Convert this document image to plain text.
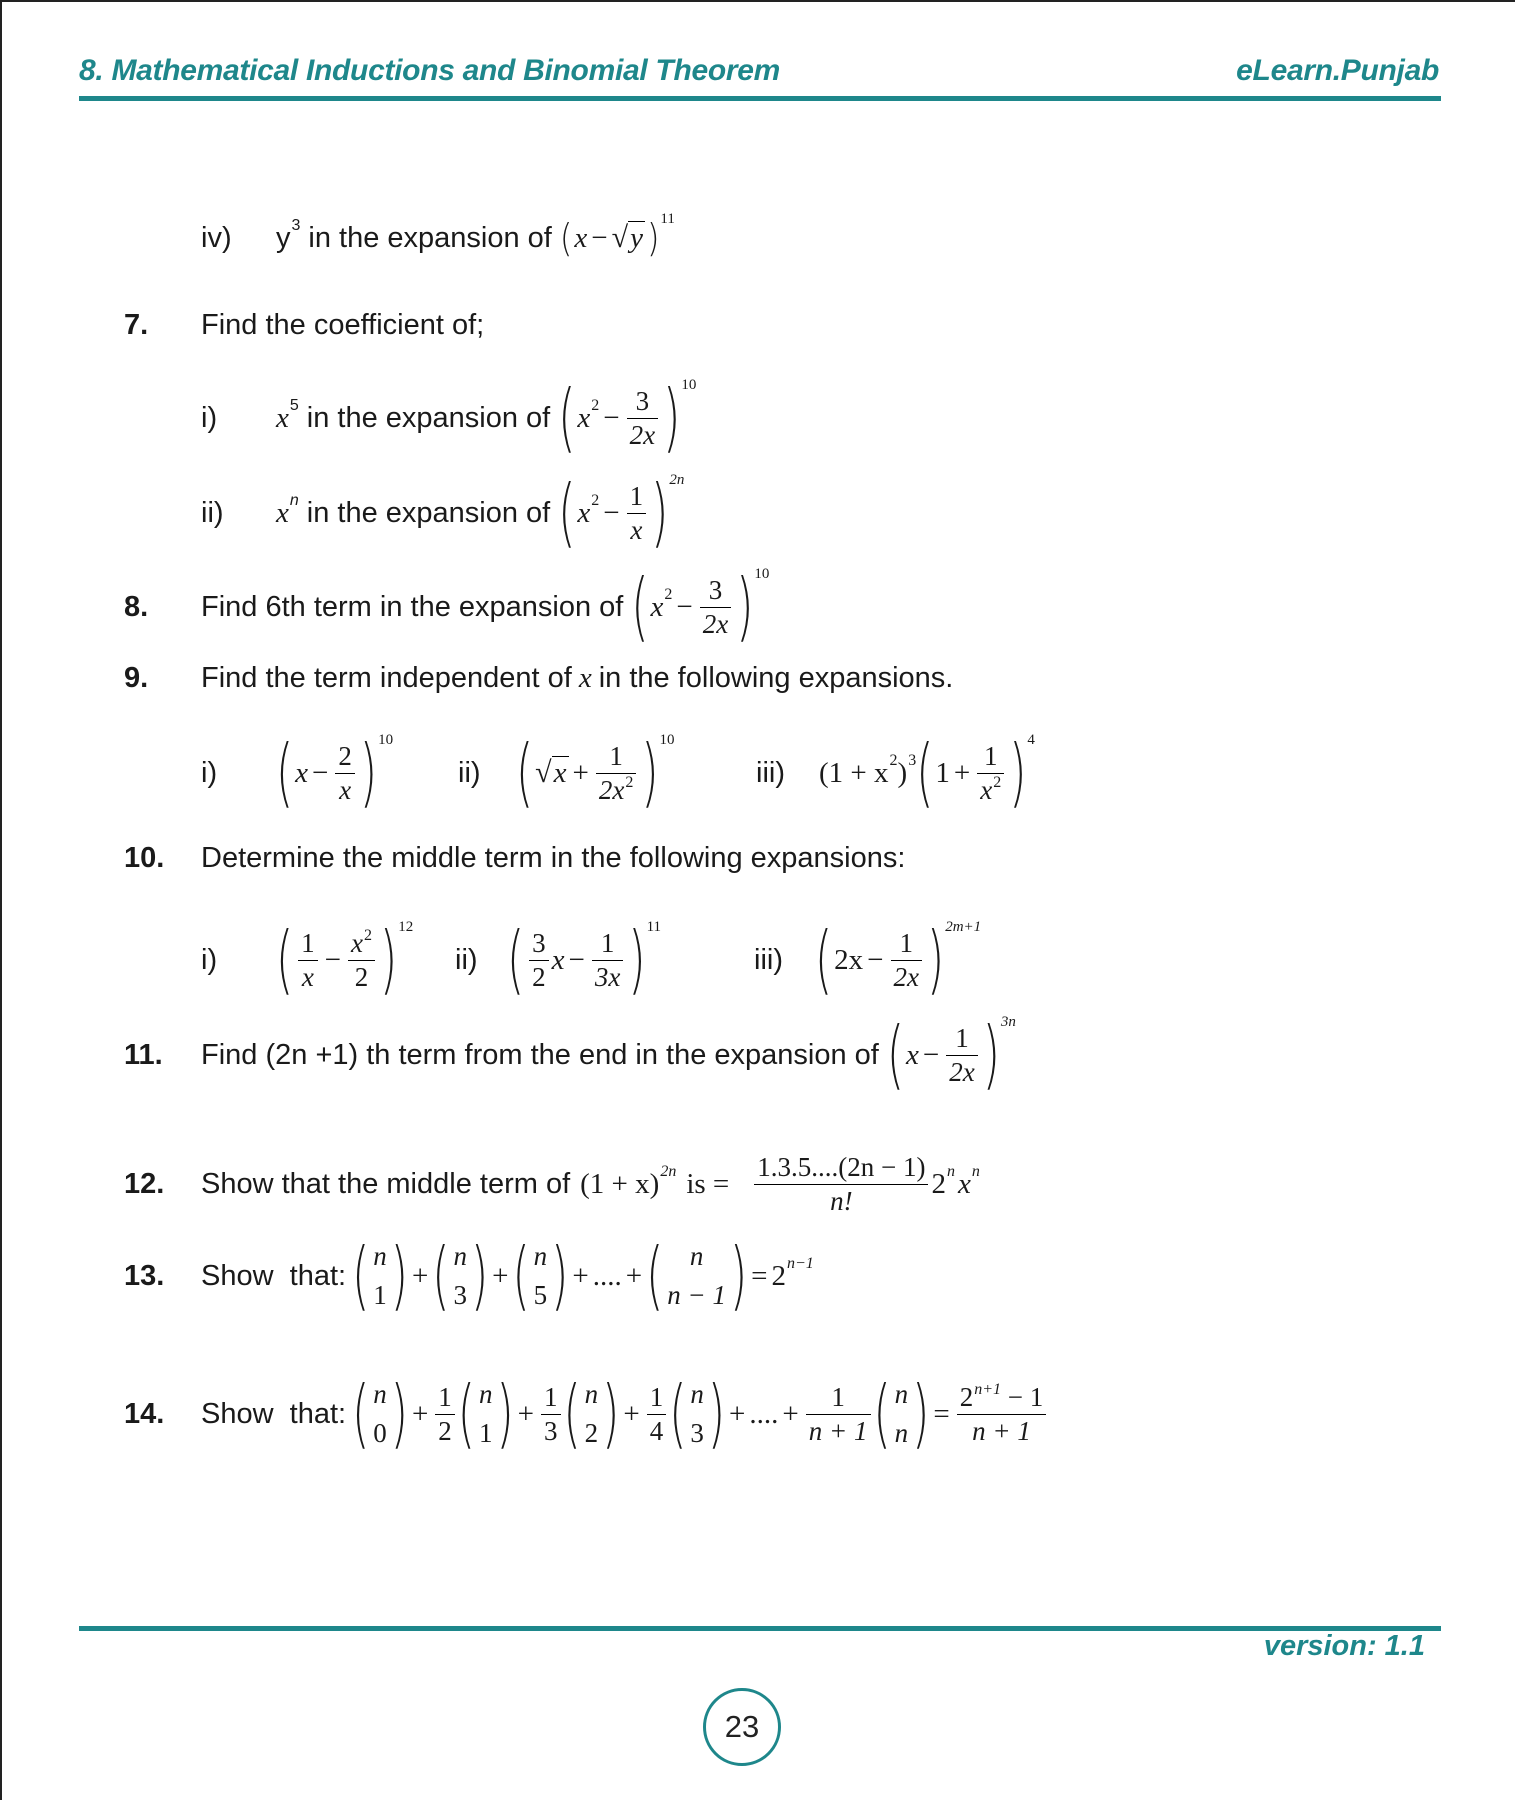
8. Mathematical Inductions and Binomial Theorem	eLearn.Punjab
iv) y 3 in the expansion of ( x − √ y
)
11
7. Find the coefficient of;
i) x 5 in the expansion of ( x $2 - \frac{3}{2x}$
) 10
ii) x n in the expansion of ( x $2 - \frac{1}{x}$
) 2n
8. Find 6th term in the expansion of ( x $2 - \frac{3}{2x}$
) 10
9. Find the term independent of x in the following expansions.
i)	( $x - \frac{2}{x}$
) 10
ii) ( √ $x + \frac{1}{2x^2}$
) 10
iii) (1 + x 2 ) 3 ( $1 + \frac{1}{x^2}$
) 4
10. Determine the middle term in the following expansions:
i)	( $\frac{1}{x} - \frac{x^2}{2}$
) 12
ii) ( $\frac{3}{2}$ $x - \frac{1}{3x}$
) 11
iii) ( $2x - \frac{1}{2x}$
) 2m+1
11. Find (2n +1) th term from the end in the expansion of ( $x - \frac{1}{2x}$
) 3n
12. Show that the middle term of (1 + x) 2n is = $\frac{1.3.5....(2n - 1)}{n!} 2$ n x n
13. Show  that:
( n
1
)
+
( n
3
)
+
( n
5
)
+ .... +
( n
n − 1
)
= 2 n−1
14. Show  that:
( n
0
)
+ $\frac{1}{2}$ ( n
1
)
+ $\frac{1}{3}$ ( n
2
)
+ $\frac{1}{4}$ ( n
3
)
+ .... + $\frac{1}{n + 1}$ ( n
n
)
= $\frac{2^{n+1} - 1}{n + 1}$
version: 1.1
23
